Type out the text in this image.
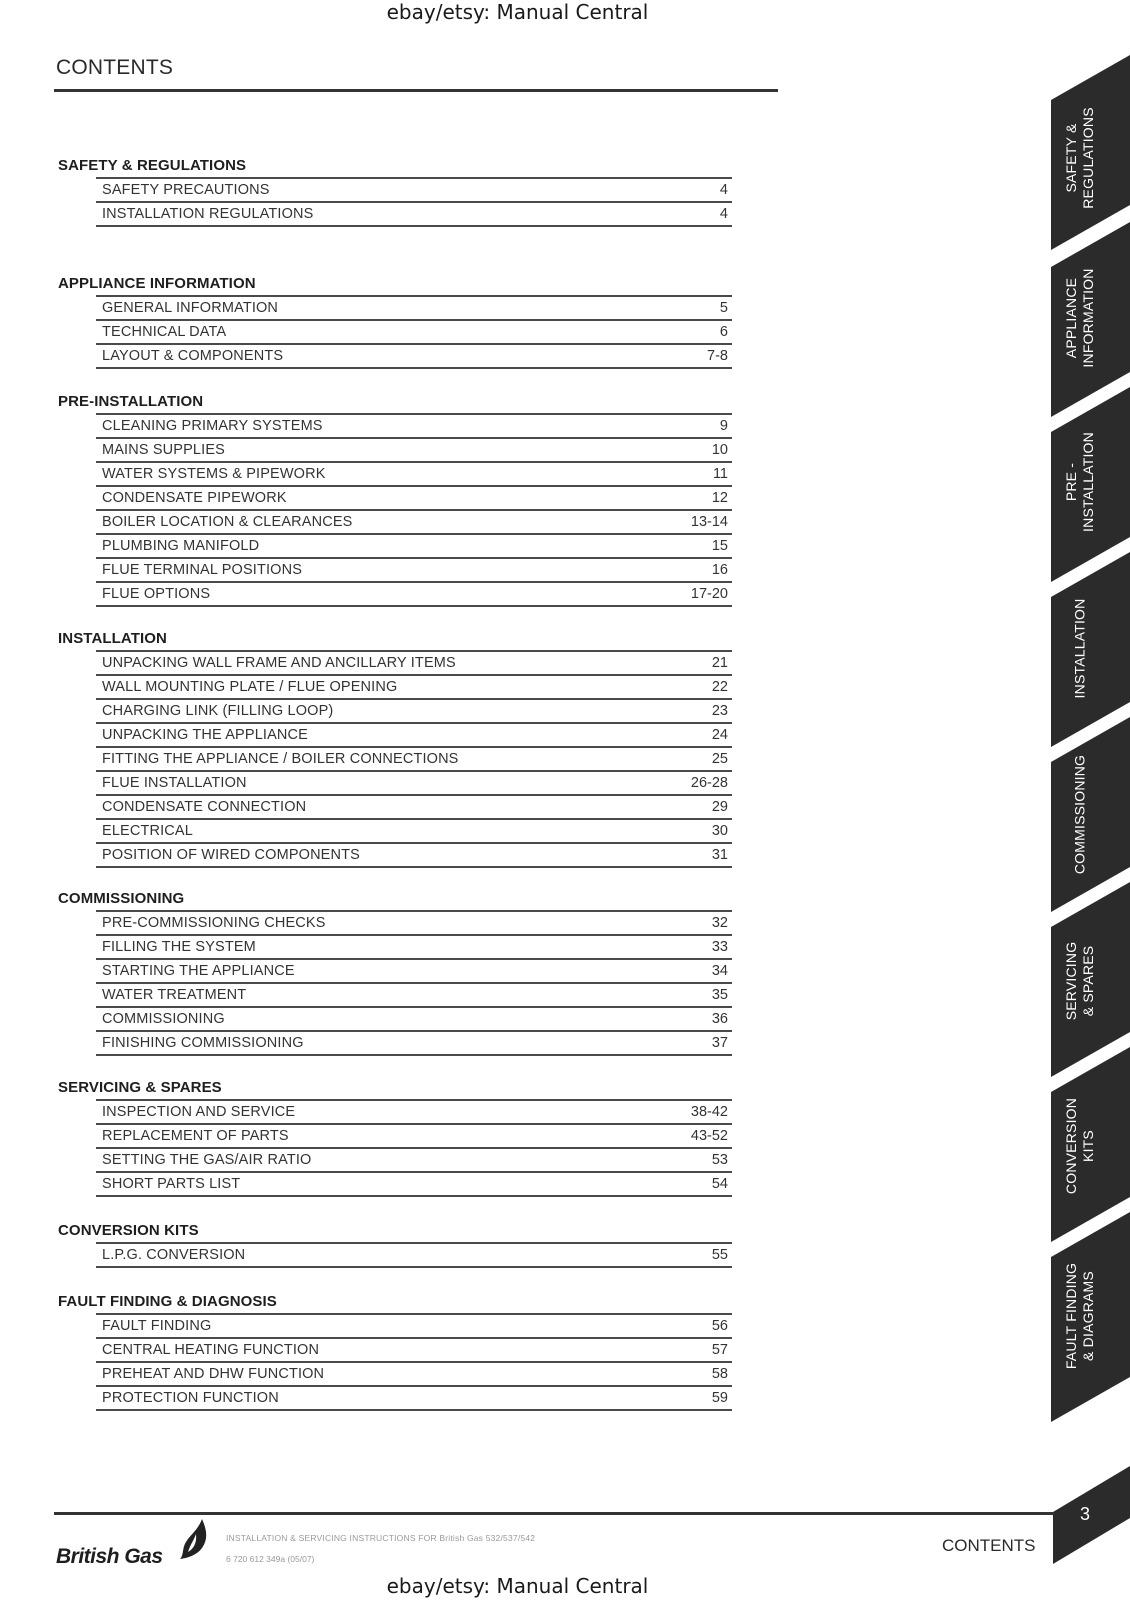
ebay/etsy: Manual Central
CONTENTS
SAFETY & REGULATIONS
SAFETY PRECAUTIONS	4
INSTALLATION REGULATIONS	4
APPLIANCE INFORMATION
GENERAL INFORMATION	5
TECHNICAL DATA	6
LAYOUT & COMPONENTS	7-8
PRE-INSTALLATION
CLEANING PRIMARY SYSTEMS	9
MAINS SUPPLIES	10
WATER SYSTEMS & PIPEWORK	11
CONDENSATE PIPEWORK	12
BOILER LOCATION & CLEARANCES	13-14
PLUMBING MANIFOLD	15
FLUE TERMINAL POSITIONS	16
FLUE OPTIONS	17-20
INSTALLATION
UNPACKING WALL FRAME AND ANCILLARY ITEMS	21
WALL MOUNTING PLATE / FLUE OPENING	22
CHARGING LINK (FILLING LOOP)	23
UNPACKING THE APPLIANCE	24
FITTING THE APPLIANCE / BOILER CONNECTIONS	25
FLUE INSTALLATION	26-28
CONDENSATE CONNECTION	29
ELECTRICAL	30
POSITION OF WIRED COMPONENTS	31
COMMISSIONING
PRE-COMMISSIONING CHECKS	32
FILLING THE SYSTEM	33
STARTING THE APPLIANCE	34
WATER TREATMENT	35
COMMISSIONING	36
FINISHING COMMISSIONING	37
SERVICING & SPARES
INSPECTION AND SERVICE	38-42
REPLACEMENT OF PARTS	43-52
SETTING THE GAS/AIR RATIO	53
SHORT PARTS LIST	54
CONVERSION KITS
L.P.G. CONVERSION	55
FAULT FINDING & DIAGNOSIS
FAULT FINDING	56
CENTRAL HEATING FUNCTION	57
PREHEAT AND DHW FUNCTION	58
PROTECTION FUNCTION	59
SAFETY & REGULATIONS
APPLIANCE INFORMATION
PRE - INSTALLATION
INSTALLATION
COMMISSIONING
SERVICING & SPARES
CONVERSION KITS
FAULT FINDING & DIAGRAMS
British Gas
INSTALLATION & SERVICING INSTRUCTIONS FOR British Gas 532/537/542
6 720 612 349a (05/07)
CONTENTS
3
ebay/etsy: Manual Central
